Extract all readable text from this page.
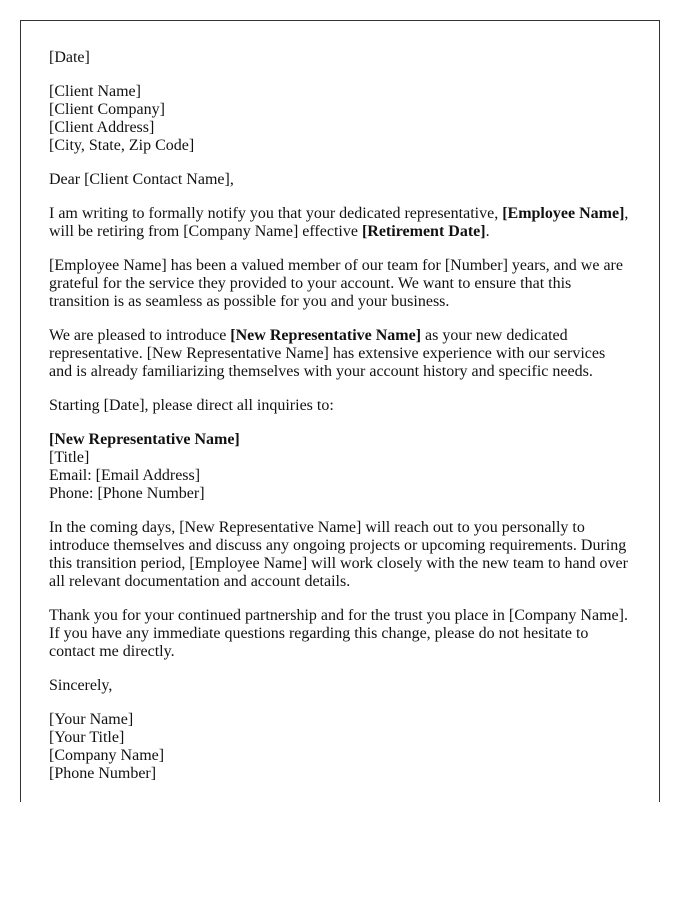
[Date]

[Client Name]
[Client Company]
[Client Address]
[City, State, Zip Code]

Dear [Client Contact Name],

I am writing to formally notify you that your dedicated representative, [Employee Name], will be retiring from [Company Name] effective [Retirement Date].

[Employee Name] has been a valued member of our team for [Number] years, and we are grateful for the service they provided to your account. We want to ensure that this transition is as seamless as possible for you and your business.

We are pleased to introduce [New Representative Name] as your new dedicated representative. [New Representative Name] has extensive experience with our services and is already familiarizing themselves with your account history and specific needs.

Starting [Date], please direct all inquiries to:

[New Representative Name]
[Title]
Email: [Email Address]
Phone: [Phone Number]

In the coming days, [New Representative Name] will reach out to you personally to introduce themselves and discuss any ongoing projects or upcoming requirements. During this transition period, [Employee Name] will work closely with the new team to hand over all relevant documentation and account details.

Thank you for your continued partnership and for the trust you place in [Company Name]. If you have any immediate questions regarding this change, please do not hesitate to contact me directly.

Sincerely,

[Your Name]
[Your Title]
[Company Name]
[Phone Number]
